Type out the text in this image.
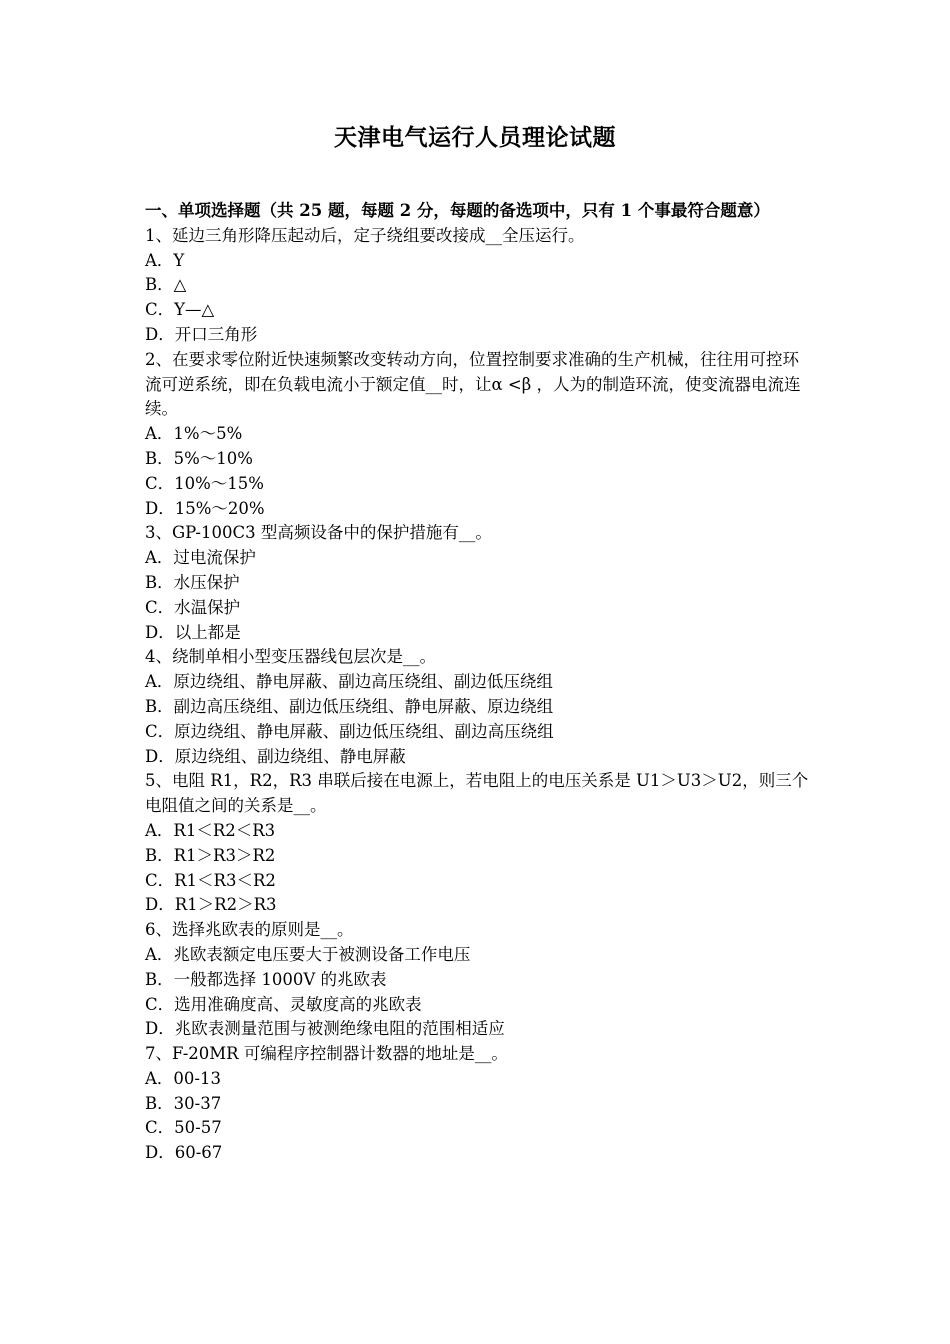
天津电气运行人员理论试题

一、单项选择题（共 25 题，每题 2 分，每题的备选项中，只有 1 个事最符合题意）

1、延边三角形降压起动后，定子绕组要改接成__全压运行。

A．Y

B．△

C．Y—△

D．开口三角形

2、在要求零位附近快速频繁改变转动方向，位置控制要求准确的生产机械，往往用可控环流可逆系统，即在负载电流小于额定值__时，让α <β ，人为的制造环流，使变流器电流连续。

A．1%～5%

B．5%～10%

C．10%～15%

D．15%～20%

3、GP-100C3 型高频设备中的保护措施有__。

A．过电流保护

B．水压保护

C．水温保护

D．以上都是

4、绕制单相小型变压器线包层次是__。

A．原边绕组、静电屏蔽、副边高压绕组、副边低压绕组

B．副边高压绕组、副边低压绕组、静电屏蔽、原边绕组

C．原边绕组、静电屏蔽、副边低压绕组、副边高压绕组

D．原边绕组、副边绕组、静电屏蔽

5、电阻 R1，R2，R3 串联后接在电源上，若电阻上的电压关系是 U1＞U3＞U2，则三个电阻值之间的关系是__。

A．R1＜R2＜R3

B．R1＞R3＞R2

C．R1＜R3＜R2

D．R1＞R2＞R3

6、选择兆欧表的原则是__。

A．兆欧表额定电压要大于被测设备工作电压

B．一般都选择 1000V 的兆欧表

C．选用准确度高、灵敏度高的兆欧表

D．兆欧表测量范围与被测绝缘电阻的范围相适应

7、F-20MR 可编程序控制器计数器的地址是__。

A．00-13

B．30-37

C．50-57

D．60-67
